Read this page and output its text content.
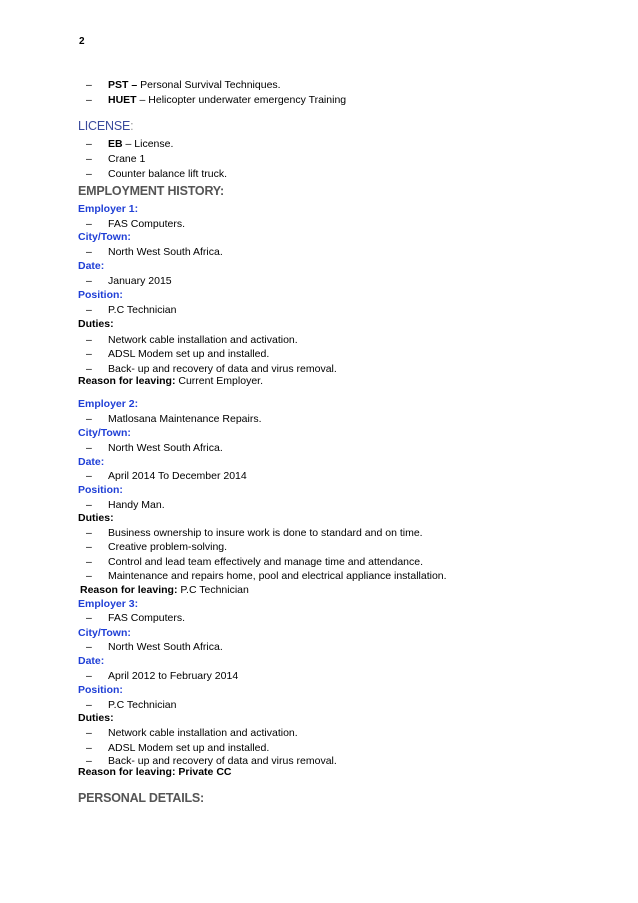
2
–	PST – Personal Survival Techniques.
–	HUET – Helicopter underwater emergency Training
LICENSE:
–	EB – License.
–	Crane 1
–	Counter balance lift truck.
EMPLOYMENT HISTORY:
Employer 1:
–	FAS Computers.
City/Town:
–	North West South Africa.
Date:
–	January 2015
Position:
–	P.C Technician
Duties:
–	Network cable installation and activation.
–	ADSL Modem set up and installed.
–	Back- up and recovery of data and virus removal.
Reason for leaving: Current Employer.
Employer 2:
–	Matlosana Maintenance Repairs.
City/Town:
–	North West South Africa.
Date:
–	April 2014 To December 2014
Position:
–	Handy Man.
Duties:
–	Business ownership to insure work is done to standard and on time.
–	Creative problem-solving.
–	Control and lead team effectively and manage time and attendance.
–	Maintenance and repairs home, pool and electrical appliance installation.
Reason for leaving: P.C Technician
Employer 3:
–	FAS Computers.
City/Town:
–	North West South Africa.
Date:
–	April 2012 to February 2014
Position:
–	P.C Technician
Duties:
–	Network cable installation and activation.
–	ADSL Modem set up and installed.
–	Back- up and recovery of data and virus removal.
Reason for leaving: Private CC
PERSONAL DETAILS:
